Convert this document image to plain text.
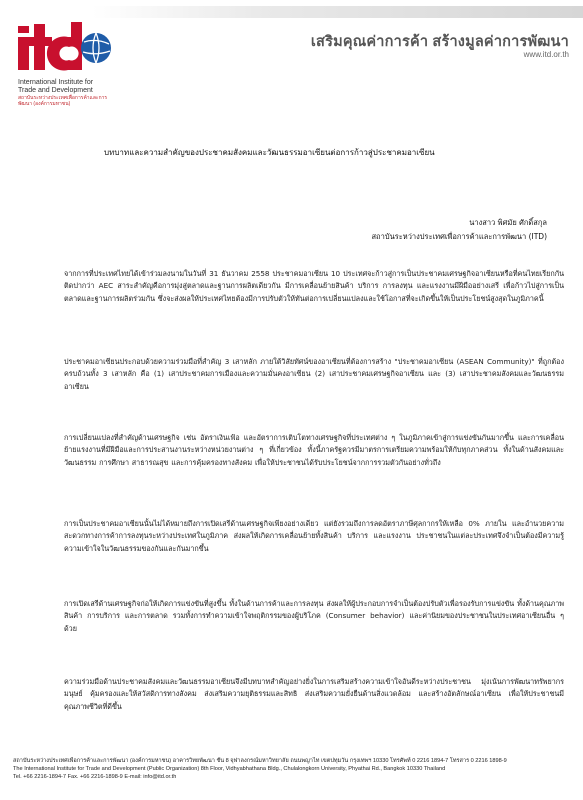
International Institute for
Trade and Development
สถาบันระหว่างประเทศเพื่อการค้าและการพัฒนา (องค์การมหาชน)
เสริมคุณค่าการค้า สร้างมูลค่าการพัฒนา
www.itd.or.th
บทบาทและความสำคัญของประชาคมสังคมและวัฒนธรรมอาเซียนต่อการก้าวสู่ประชาคมอาเซียน
นางสาว พิศมัย ศักดิ์สกุล
สถาบันระหว่างประเทศเพื่อการค้าและการพัฒนา (ITD)

จากการที่ประเทศไทยได้เข้าร่วมลงนามในวันที่ 31 ธันวาคม 2558 ประชาคมอาเซียน 10 ประเทศจะก้าวสู่การเป็นประชาคมเศรษฐกิจอาเซียนหรือที่คนไทยเรียกกันติดปากว่า AEC สาระสำคัญคือการมุ่งสู่ตลาดและฐานการผลิตเดียวกัน มีการเคลื่อนย้ายสินค้า บริการ การลงทุน และแรงงานมีฝีมืออย่างเสรี เพื่อก้าวไปสู่การเป็นตลาดและฐานการผลิตร่วมกัน ซึ่งจะส่งผลให้ประเทศไทยต้องมีการปรับตัวให้ทันต่อการเปลี่ยนแปลงและใช้โอกาสที่จะเกิดขึ้นให้เป็นประโยชน์สูงสุดในภูมิภาคนี้

ประชาคมอาเซียนประกอบด้วยความร่วมมือที่สำคัญ 3 เสาหลัก ภายใต้วิสัยทัศน์ของอาเซียนที่ต้องการสร้าง "ประชาคมอาเซียน (ASEAN Community)" ที่ถูกต้องครบถ้วนทั้ง 3 เสาหลัก คือ (1) เสาประชาคมการเมืองและความมั่นคงอาเซียน (2) เสาประชาคมเศรษฐกิจอาเซียน และ (3) เสาประชาคมสังคมและวัฒนธรรมอาเซียน

การเปลี่ยนแปลงที่สำคัญด้านเศรษฐกิจ เช่น อัตราเงินเฟ้อ และอัตราการเติบโตทางเศรษฐกิจที่ประเทศต่าง ๆ ในภูมิภาคเข้าสู่การแข่งขันกันมากขึ้น และการเคลื่อนย้ายแรงงานที่มีฝีมือและการประสานงานระหว่างหน่วยงานต่าง ๆ ที่เกี่ยวข้อง ทั้งนี้ภาครัฐควรมีมาตรการเตรียมความพร้อมให้กับทุกภาคส่วน ทั้งในด้านสังคมและวัฒนธรรม การศึกษา สาธารณสุข และการคุ้มครองทางสังคม เพื่อให้ประชาชนได้รับประโยชน์จากการรวมตัวกันอย่างทั่วถึง

การเป็นประชาคมอาเซียนนั้นไม่ได้หมายถึงการเปิดเสรีด้านเศรษฐกิจเพียงอย่างเดียว แต่ยังรวมถึงการลดอัตราภาษีศุลกากรให้เหลือ 0% ภายใน และอำนวยความสะดวกทางการค้าการลงทุนระหว่างประเทศในภูมิภาค ส่งผลให้เกิดการเคลื่อนย้ายทั้งสินค้า บริการ และแรงงาน ประชาชนในแต่ละประเทศจึงจำเป็นต้องมีความรู้ความเข้าใจในวัฒนธรรมของกันและกันมากขึ้น

การเปิดเสรีด้านเศรษฐกิจก่อให้เกิดการแข่งขันที่สูงขึ้น ทั้งในด้านการค้าและการลงทุน ส่งผลให้ผู้ประกอบการจำเป็นต้องปรับตัวเพื่อรองรับการแข่งขัน ทั้งด้านคุณภาพสินค้า การบริการ และการตลาด รวมทั้งการทำความเข้าใจพฤติกรรมของผู้บริโภค (Consumer behavior) และค่านิยมของประชาชนในประเทศอาเซียนอื่น ๆ ด้วย

ความร่วมมือด้านประชาคมสังคมและวัฒนธรรมอาเซียนจึงมีบทบาทสำคัญอย่างยิ่งในการเสริมสร้างความเข้าใจอันดีระหว่างประชาชน มุ่งเน้นการพัฒนาทรัพยากรมนุษย์ คุ้มครองและให้สวัสดิการทางสังคม ส่งเสริมความยุติธรรมและสิทธิ ส่งเสริมความยั่งยืนด้านสิ่งแวดล้อม และสร้างอัตลักษณ์อาเซียน เพื่อให้ประชาชนมีคุณภาพชีวิตที่ดีขึ้น

สถาบันระหว่างประเทศเพื่อการค้าและการพัฒนา (องค์การมหาชน) อาคารวิทยพัฒนา ชั้น 8 จุฬาลงกรณ์มหาวิทยาลัย ถนนพญาไท เขตปทุมวัน กรุงเทพฯ 10330 โทรศัพท์ 0 2216 1894-7 โทรสาร 0 2216 1898-9
The International Institute for Trade and Development (Public Organization) 8th Floor, Vidhyabhathana Bldg., Chulalongkorn University, Phyathai Rd., Bangkok 10330 Thailand
Tel. +66 2216-1894-7 Fax. +66 2216-1898-9 E-mail: info@itd.or.th
